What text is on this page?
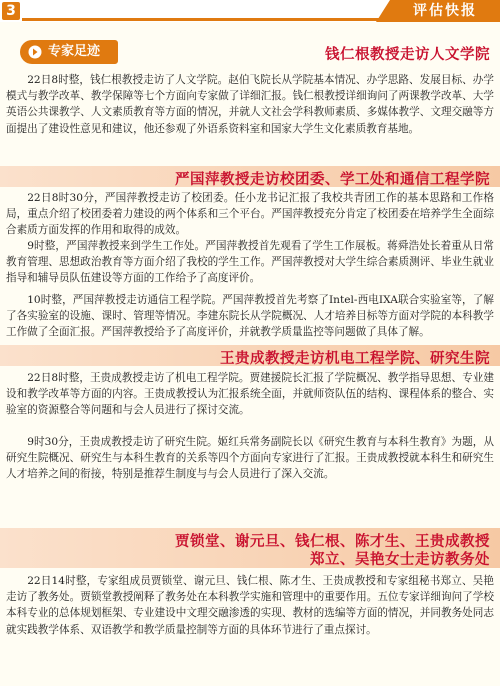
3	评估快报
专家足迹	钱仁根教授走访人文学院
22日8时整，钱仁根教授走访了人文学院。赵伯飞院长从学院基本情况、办学思路、发展目标、办学模式与教学改革、教学保障等七个方面向专家做了详细汇报。钱仁根教授详细询问了两课教学改革、大学英语公共课教学、人文素质教育等方面的情况，并就人文社会学科教师素质、多媒体教学、文理交融等方面提出了建设性意见和建议，他还参观了外语系资料室和国家大学生文化素质教育基地。
严国萍教授走访校团委、学工处和通信工程学院
22日8时30分，严国萍教授走访了校团委。任小龙书记汇报了我校共青团工作的基本思路和工作格局，重点介绍了校团委着力建设的两个体系和三个平台。严国萍教授充分肯定了校团委在培养学生全面综合素质方面发挥的作用和取得的成效。
9时整，严国萍教授来到学生工作处。严国萍教授首先观看了学生工作展板。蒋舜浩处长着重从日常教育管理、思想政治教育等方面介绍了我校的学生工作。严国萍教授对大学生综合素质测评、毕业生就业指导和辅导员队伍建设等方面的工作给予了高度评价。
10时整，严国萍教授走访通信工程学院。严国萍教授首先考察了Intel-西电IXA联合实验室等，了解了各实验室的设施、课时、管理等情况。李建东院长从学院概况、人才培养目标等方面对学院的本科教学工作做了全面汇报。严国萍教授给予了高度评价，并就教学质量监控等问题做了具体了解。
王贵成教授走访机电工程学院、研究生院
22日8时整，王贵成教授走访了机电工程学院。贾建援院长汇报了学院概况、教学指导思想、专业建设和教学改革等方面的内容。王贵成教授认为汇报系统全面，并就师资队伍的结构、课程体系的整合、实验室的资源整合等问题和与会人员进行了探讨交流。
9时30分，王贵成教授走访了研究生院。姬红兵常务副院长以《研究生教育与本科生教育》为题，从研究生院概况、研究生与本科生教育的关系等四个方面向专家进行了汇报。王贵成教授就本科生和研究生人才培养之间的衔接，特别是推荐生制度与与会人员进行了深入交流。
贾锁堂、谢元旦、钱仁根、陈才生、王贵成教授
郑立、吴艳女士走访教务处
22日14时整，专家组成员贾锁堂、谢元旦、钱仁根、陈才生、王贵成教授和专家组秘书郑立、吴艳走访了教务处。贾锁堂教授阐释了教务处在本科教学实施和管理中的重要作用。五位专家详细询问了学校本科专业的总体规划框架、专业建设中文理交融渗透的实现、教材的选编等方面的情况，并同教务处同志就实践教学体系、双语教学和教学质量控制等方面的具体环节进行了重点探讨。
